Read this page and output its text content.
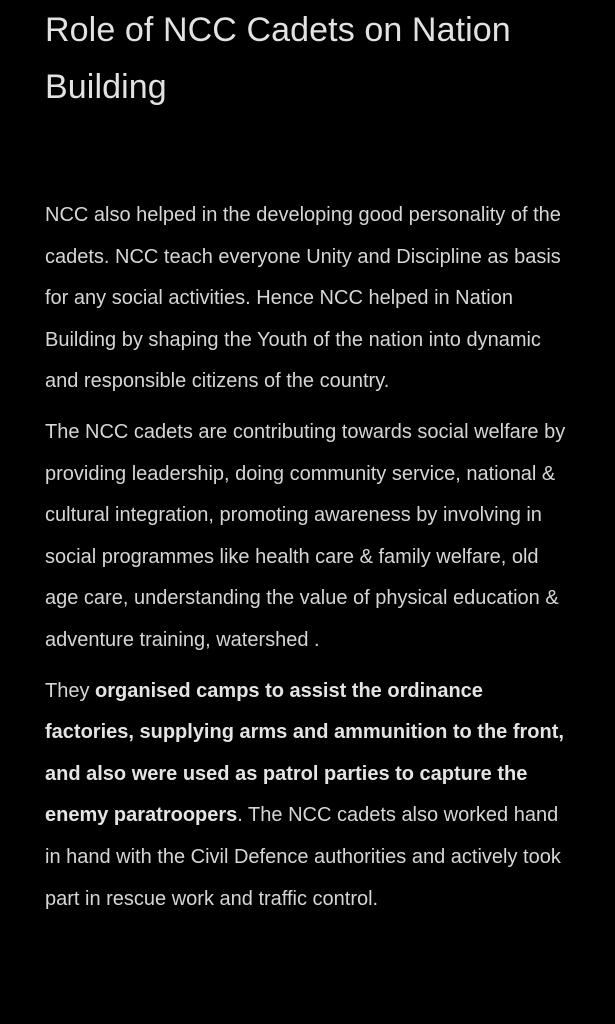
Role of NCC Cadets on Nation Building

NCC also helped in the developing good personality of the cadets. NCC teach everyone Unity and Discipline as basis for any social activities. Hence NCC helped in Nation Building by shaping the Youth of the nation into dynamic and responsible citizens of the country.

The NCC cadets are contributing towards social welfare by providing leadership, doing community service, national & cultural integration, promoting awareness by involving in social programmes like health care & family welfare, old age care, understanding the value of physical education & adventure training, watershed .

They organised camps to assist the ordinance factories, supplying arms and ammunition to the front, and also were used as patrol parties to capture the enemy paratroopers. The NCC cadets also worked hand in hand with the Civil Defence authorities and actively took part in rescue work and traffic control.
